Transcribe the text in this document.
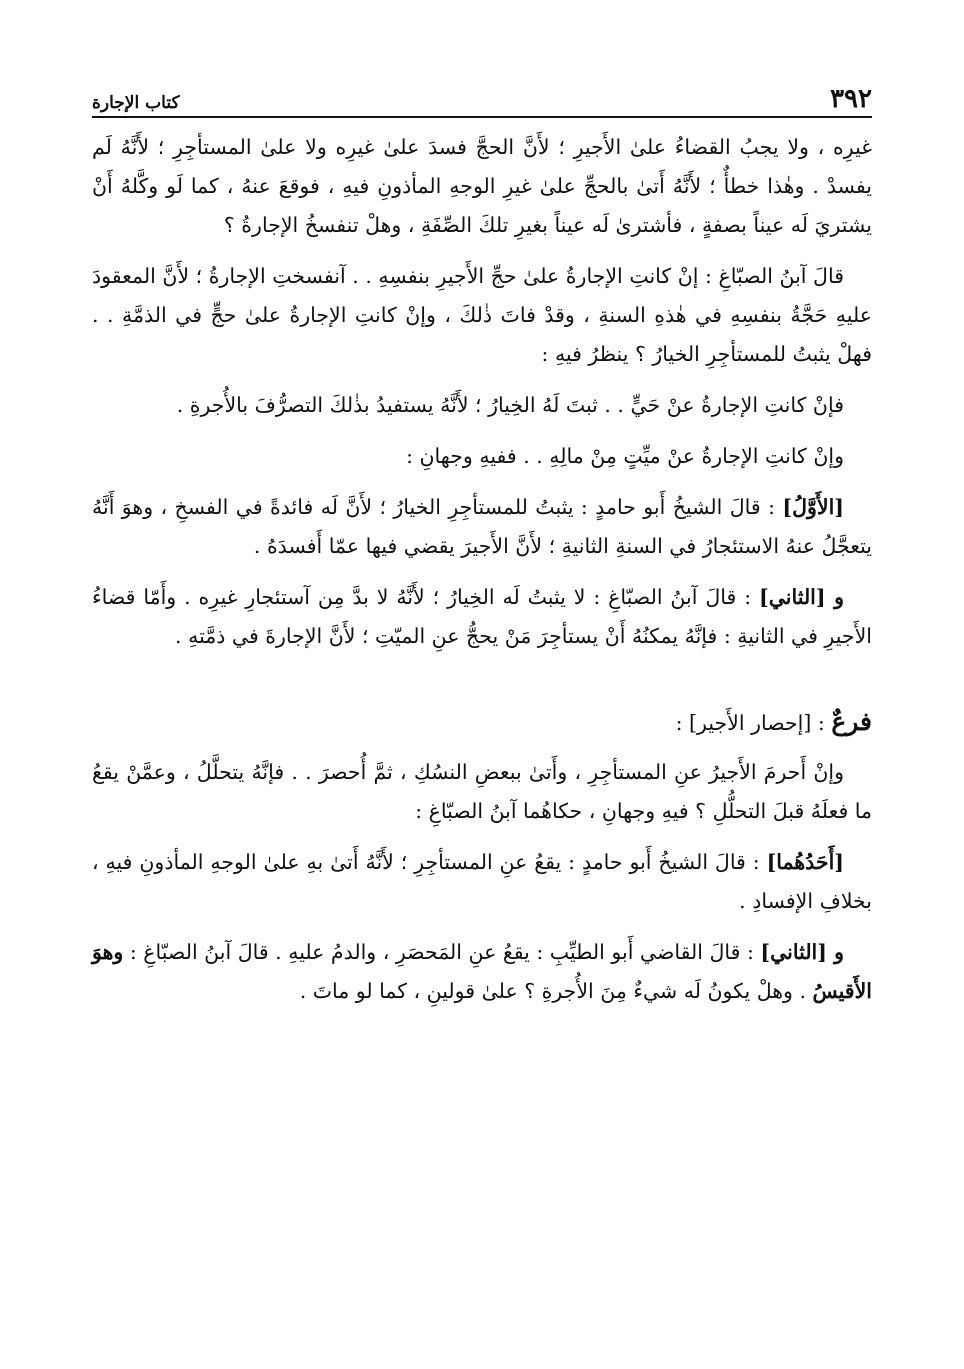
٣٩٢
كتاب الإجارة

غيرِه ، ولا يجبُ القضاءُ علىٰ الأَجيرِ ؛ لأَنَّ الحجَّ فسدَ علىٰ غيرِه ولا علىٰ المستأجِرِ ؛ لأَنَّهُ لَم يفسدْ . وهٰذا خطأٌ ؛ لأَنَّهُ أَتىٰ بالحجِّ علىٰ غيرِ الوجهِ المأذونِ فيهِ ، فوقعَ عنهُ ، كما لَو وكَّلهُ أَنْ يشتريَ لَه عيناً بصفةٍ ، فأشترىٰ لَه عيناً بغيرِ تلكَ الصِّفَةِ ، وهلْ تنفسخُ الإجارةُ ؟

قالَ آبنُ الصبّاغِ : إنْ كانتِ الإجارةُ علىٰ حجِّ الأَجيرِ بنفسِهِ . . آنفسختِ الإجارةُ ؛ لأَنَّ المعقودَ عليهِ حَجَّةُ بنفسِهِ في هٰذهِ السنةِ ، وقدْ فاتَ ذٰلكَ ، وإنْ كانتِ الإجارةُ علىٰ حجٍّ في الذمَّةِ . . فهلْ يثبتُ للمستأجِرِ الخيارُ ؟ ينظرُ فيهِ :

فإنْ كانتِ الإجارةُ عنْ حَيٍّ . . ثبتَ لَهُ الخِيارُ ؛ لأَنَّهُ يستفيدُ بذٰلكَ التصرُّفَ بالأُجرةِ .

وإنْ كانتِ الإجارةُ عنْ ميِّتٍ مِنْ مالِهِ . . ففيهِ وجهانِ :

[الأَوَّلُ] : قالَ الشيخُ أَبو حامدٍ : يثبتُ للمستأجِرِ الخيارُ ؛ لأَنَّ لَه فائدةً في الفسخِ ، وهوَ أَنَّهُ يتعجَّلُ عنهُ الاستئجارُ في السنةِ الثانيةِ ؛ لأَنَّ الأَجيرَ يقضي فيها عمّا أَفسدَهُ .

و [الثاني] : قالَ آبنُ الصبّاغِ : لا يثبتُ لَه الخِيارُ ؛ لأَنَّهُ لا بدَّ مِن آستئجارِ غيرِه . وأَمّا قضاءُ الأَجيرِ في الثانيةِ : فإنَّهُ يمكنُهُ أَنْ يستأجِرَ مَنْ يحجُّ عنِ الميّتِ ؛ لأَنَّ الإجارةَ في ذمَّتهِ .

فرعٌ : [إحصار الأَجير] :

وإنْ أَحرمَ الأَجيرُ عنِ المستأجِرِ ، وأَتىٰ ببعضِ النسُكِ ، ثمَّ أُحصرَ . . فإنَّهُ يتحلَّلُ ، وعمَّنْ يقعُ ما فعلَهُ قبلَ التحلُّلِ ؟ فيهِ وجهانِ ، حكاهُما آبنُ الصبّاغِ :

[أَحَدُهُما] : قالَ الشيخُ أَبو حامدٍ : يقعُ عنِ المستأجِرِ ؛ لأَنَّهُ أَتىٰ بهِ علىٰ الوجهِ المأذونِ فيهِ ، بخلافِ الإفسادِ .

و [الثاني] : قالَ القاضي أَبو الطيِّبِ : يقعُ عنِ المَحصَرِ ، والدمُ عليهِ . قالَ آبنُ الصبّاغِ : وهوَ الأَقيسُ . وهلْ يكونُ لَه شيءٌ مِنَ الأُجرةِ ؟ علىٰ قولينِ ، كما لو ماتَ .
